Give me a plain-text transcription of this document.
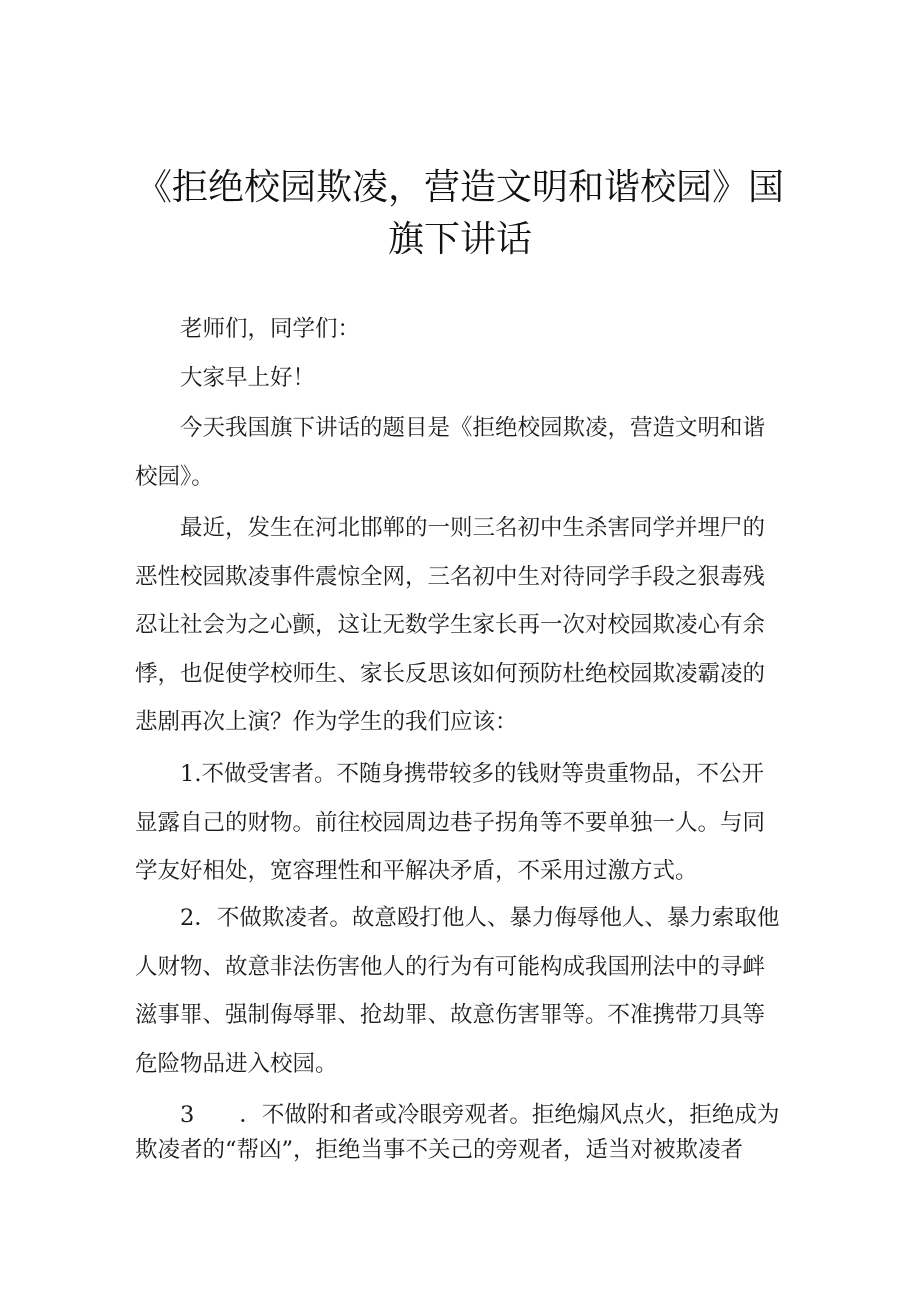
《拒绝校园欺凌，营造文明和谐校园》国
旗下讲话

老师们，同学们：

大家早上好！

今天我国旗下讲话的题目是《拒绝校园欺凌，营造文明和谐
校园》。

最近，发生在河北邯郸的一则三名初中生杀害同学并埋尸的
恶性校园欺凌事件震惊全网，三名初中生对待同学手段之狠毒残
忍让社会为之心颤，这让无数学生家长再一次对校园欺凌心有余
悸，也促使学校师生、家长反思该如何预防杜绝校园欺凌霸凌的
悲剧再次上演？作为学生的我们应该：

1.不做受害者。不随身携带较多的钱财等贵重物品，不公开
显露自己的财物。前往校园周边巷子拐角等不要单独一人。与同
学友好相处，宽容理性和平解决矛盾，不采用过激方式。

2．不做欺凌者。故意殴打他人、暴力侮辱他人、暴力索取他
人财物、故意非法伤害他人的行为有可能构成我国刑法中的寻衅
滋事罪、强制侮辱罪、抢劫罪、故意伤害罪等。不准携带刀具等
危险物品进入校园。

3　　．不做附和者或冷眼旁观者。拒绝煽风点火，拒绝成为
欺凌者的“帮凶”，拒绝当事不关己的旁观者，适当对被欺凌者
